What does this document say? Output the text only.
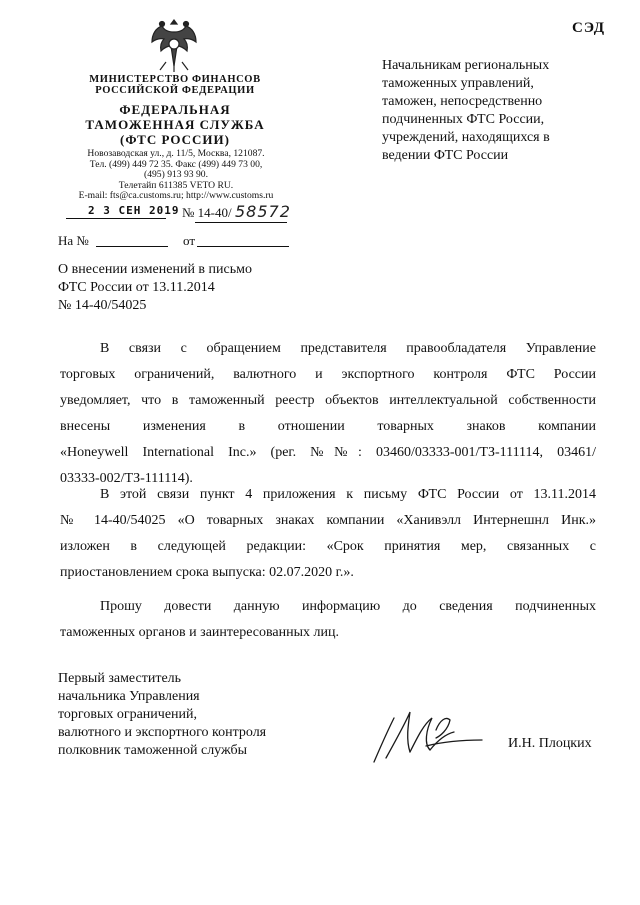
СЭД
МИНИСТЕРСТВО ФИНАНСОВ
РОССИЙСКОЙ ФЕДЕРАЦИИ
ФЕДЕРАЛЬНАЯ
ТАМОЖЕННАЯ СЛУЖБА
(ФТС РОССИИ)
Новозаводская ул., д. 11/5, Москва, 121087.
Тел. (499) 449 72 35. Факс (499) 449 73 00,
(495) 913 93 90.
Телетайп 611385 VETO RU.
E-mail: fts@ca.customs.ru; http://www.customs.ru
2 3 СЕН 2019 № 14-40/ 58572
На №	от
Начальникам региональных
таможенных управлений,
таможен, непосредственно
подчиненных ФТС России,
учреждений, находящихся в
ведении ФТС России
О внесении изменений в письмо
ФТС России от 13.11.2014
№ 14-40/54025
В связи с обращением представителя правообладателя Управление
торговых ограничений, валютного и экспортного контроля ФТС России
уведомляет, что в таможенный реестр объектов интеллектуальной собственности
внесены изменения в отношении товарных знаков компании
«Honeywell International Inc.» (рег. №№: 03460/03333-001/ТЗ-111114, 03461/
03333-002/ТЗ-111114).
В этой связи пункт 4 приложения к письму ФТС России от 13.11.2014
№ 14-40/54025 «О товарных знаках компании «Ханивэлл Интернешнл Инк.»
изложен в следующей редакции: «Срок принятия мер, связанных с
приостановлением срока выпуска: 02.07.2020 г.».
Прошу довести данную информацию до сведения подчиненных
таможенных органов и заинтересованных лиц.
Первый заместитель
начальника Управления
торговых ограничений,
валютного и экспортного контроля
полковник таможенной службы	И.Н. Плоцких
